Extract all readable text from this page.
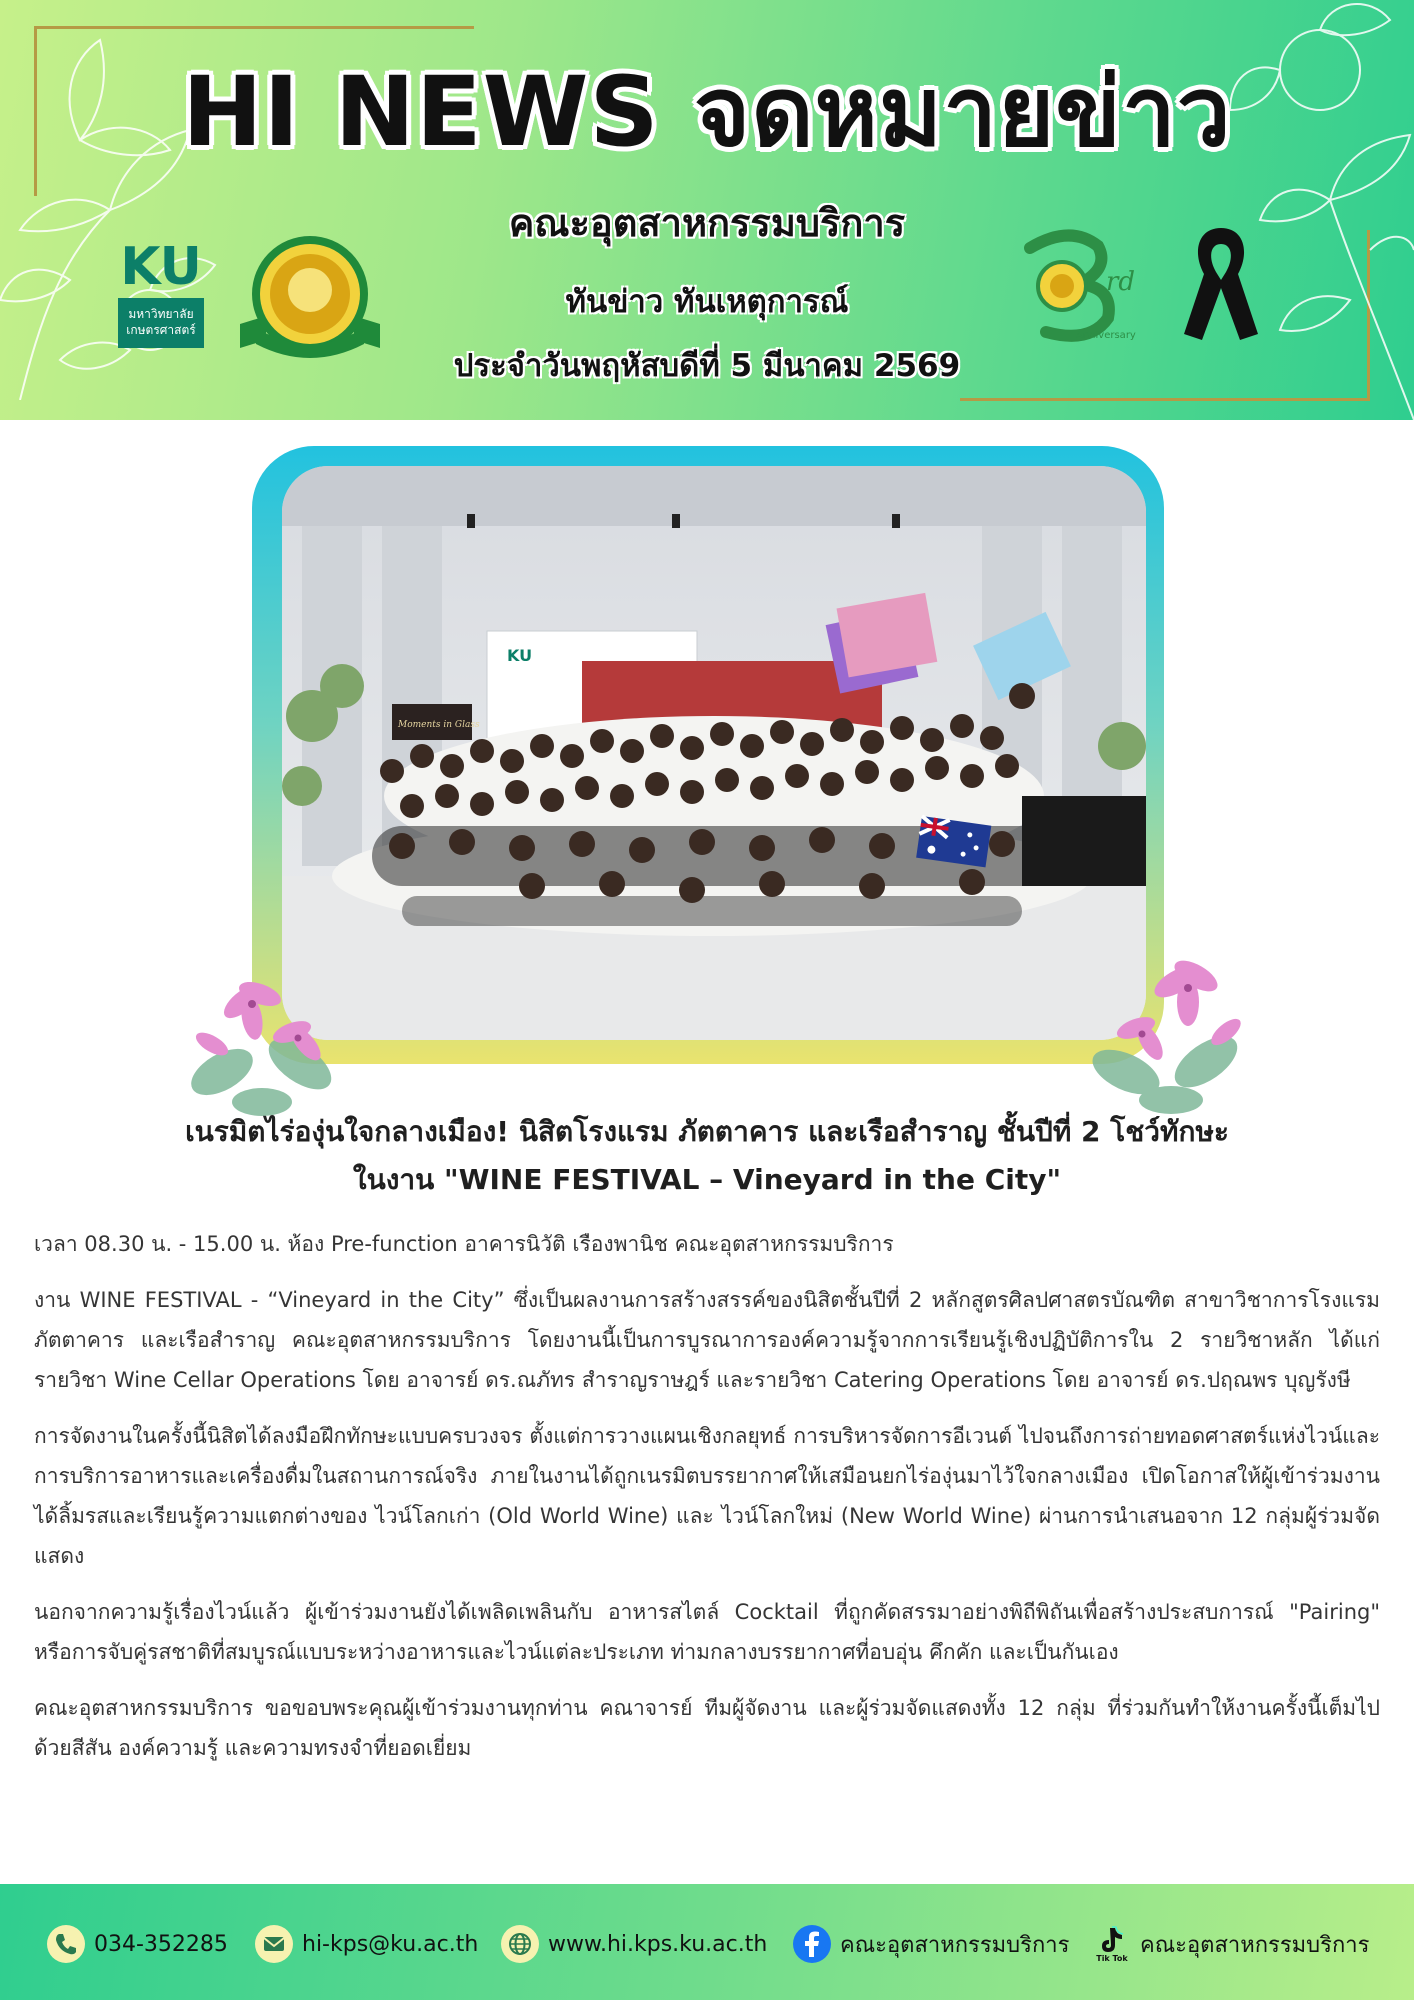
HI NEWS จดหมายข่าว
คณะอุตสาหกรรมบริการ
ทันข่าว ทันเหตุการณ์
ประจำวันพฤหัสบดีที่ 5 มีนาคม 2569
KU
มหาวิทยาลัยเกษตรศาสตร์
rd
Anniversary
KU
Moments in Glass
เนรมิตไร่องุ่นใจกลางเมือง! นิสิตโรงแรม ภัตตาคาร และเรือสำราญ ชั้นปีที่ 2 โชว์ทักษะ
ในงาน "WINE FESTIVAL – Vineyard in the City"

เวลา 08.30 น. - 15.00 น. ห้อง Pre-function อาคารนิวัติ เรืองพานิช คณะอุตสาหกรรมบริการ

งาน WINE FESTIVAL - “Vineyard in the City” ซึ่งเป็นผลงานการสร้างสรรค์ของนิสิตชั้นปีที่ 2 หลักสูตรศิลปศาสตรบัณฑิต สาขาวิชาการโรงแรม ภัตตาคาร และเรือสำราญ คณะอุตสาหกรรมบริการ โดยงานนี้เป็นการบูรณาการองค์ความรู้จากการเรียนรู้เชิงปฏิบัติการใน 2 รายวิชาหลัก ได้แก่ รายวิชา Wine Cellar Operations โดย อาจารย์ ดร.ณภัทร สำราญราษฎร์ และรายวิชา Catering Operations โดย อาจารย์ ดร.ปฤณพร บุญรังษี

การจัดงานในครั้งนี้นิสิตได้ลงมือฝึกทักษะแบบครบวงจร ตั้งแต่การวางแผนเชิงกลยุทธ์ การบริหารจัดการอีเวนต์ ไปจนถึงการถ่ายทอดศาสตร์แห่งไวน์และการบริการอาหารและเครื่องดื่มในสถานการณ์จริง ภายในงานได้ถูกเนรมิตบรรยากาศให้เสมือนยกไร่องุ่นมาไว้ใจกลางเมือง เปิดโอกาสให้ผู้เข้าร่วมงานได้ลิ้มรสและเรียนรู้ความแตกต่างของ ไวน์โลกเก่า (Old World Wine) และ ไวน์โลกใหม่ (New World Wine) ผ่านการนำเสนอจาก 12 กลุ่มผู้ร่วมจัดแสดง

นอกจากความรู้เรื่องไวน์แล้ว ผู้เข้าร่วมงานยังได้เพลิดเพลินกับ อาหารสไตล์ Cocktail ที่ถูกคัดสรรมาอย่างพิถีพิถันเพื่อสร้างประสบการณ์ "Pairing" หรือการจับคู่รสชาติที่สมบูรณ์แบบระหว่างอาหารและไวน์แต่ละประเภท ท่ามกลางบรรยากาศที่อบอุ่น คึกคัก และเป็นกันเอง

คณะอุตสาหกรรมบริการ ขอขอบพระคุณผู้เข้าร่วมงานทุกท่าน คณาจารย์ ทีมผู้จัดงาน และผู้ร่วมจัดแสดงทั้ง 12 กลุ่ม ที่ร่วมกันทำให้งานครั้งนี้เต็มไปด้วยสีสัน องค์ความรู้ และความทรงจำที่ยอดเยี่ยม

034-352285	hi-kps@ku.ac.th	www.hi.kps.ku.ac.th	คณะอุตสาหกรรมบริการ
Tik Tok
คณะอุตสาหกรรมบริการ
